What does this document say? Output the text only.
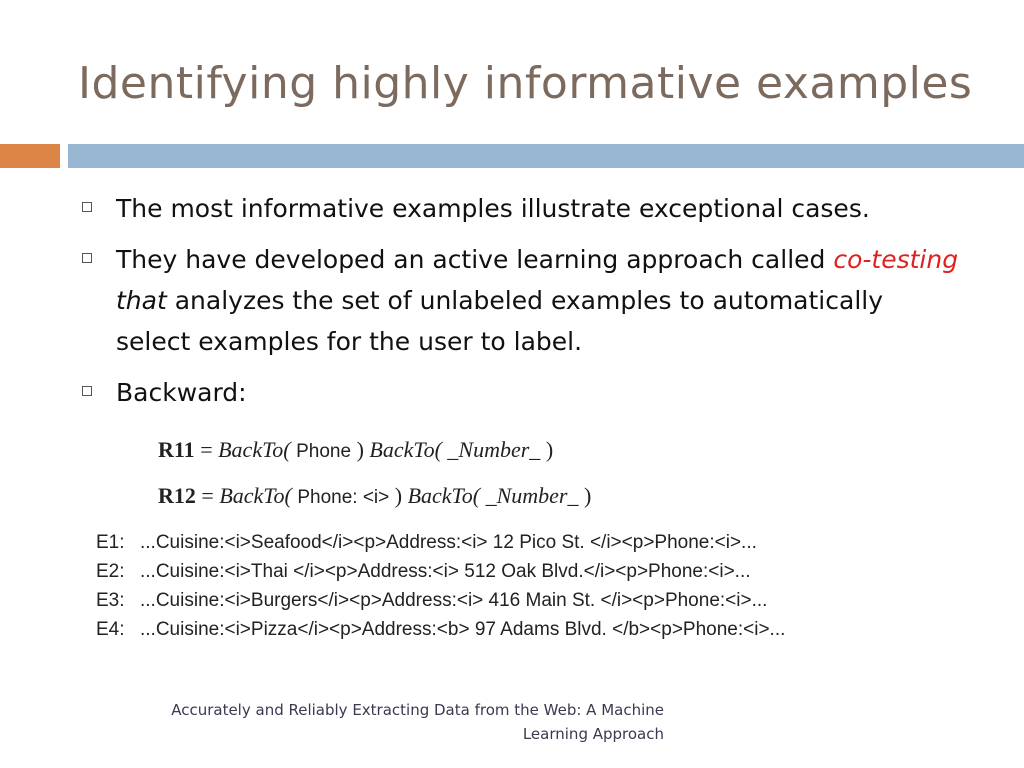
Identifying highly informative examples
The most informative examples illustrate exceptional cases.
They have developed an active learning approach called co-testing that analyzes the set of unlabeled examples to automatically select examples for the user to label.
Backward:
R11 = BackTo( Phone ) BackTo( _Number_ )
R12 = BackTo( Phone: <i> ) BackTo( _Number_ )
E1: ...Cuisine:<i>Seafood</i><p>Address:<i> 12 Pico St. </i><p>Phone:<i>...
E2: ...Cuisine:<i>Thai </i><p>Address:<i> 512 Oak Blvd.</i><p>Phone:<i>...
E3: ...Cuisine:<i>Burgers</i><p>Address:<i> 416 Main St. </i><p>Phone:<i>...
E4: ...Cuisine:<i>Pizza</i><p>Address:<b> 97 Adams Blvd. </b><p>Phone:<i>...
Accurately and Reliably Extracting Data from the Web: A Machine Learning Approach
